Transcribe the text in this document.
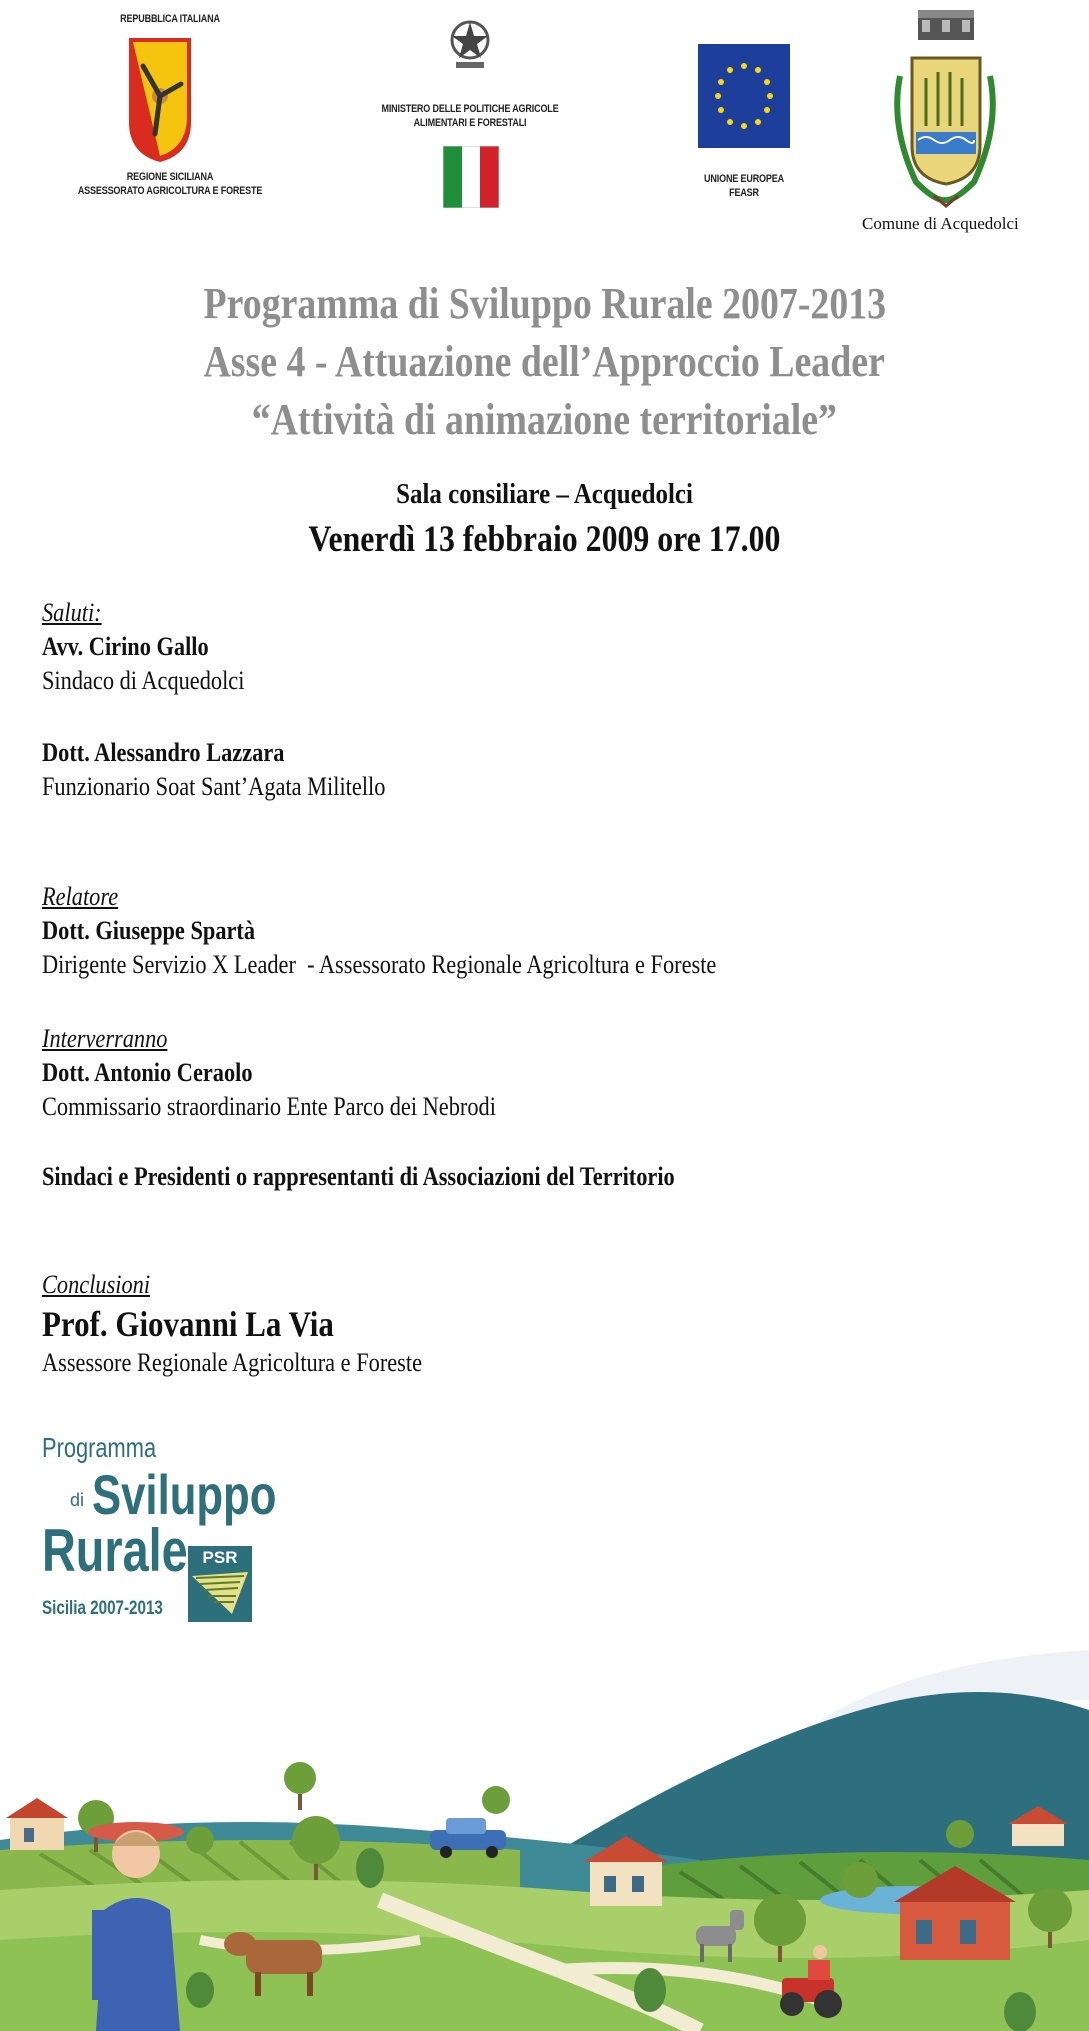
REPUBBLICA ITALIANA
REGIONE SICILIANA
ASSESSORATO AGRICOLTURA E FORESTE
MINISTERO DELLE POLITICHE AGRICOLE
ALIMENTARI E FORESTALI
UNIONE EUROPEA
FEASR
Comune di Acquedolci
Programma di Sviluppo Rurale 2007-2013
Asse 4 - Attuazione dell’Approccio Leader
“Attività di animazione territoriale”
Sala consiliare – Acquedolci
Venerdì 13 febbraio 2009 ore 17.00
Saluti:
Avv. Cirino Gallo
Sindaco di Acquedolci
Dott. Alessandro Lazzara
Funzionario Soat Sant’Agata Militello
Relatore
Dott. Giuseppe Spartà
Dirigente Servizio X Leader  - Assessorato Regionale Agricoltura e Foreste
Interverranno
Dott. Antonio Ceraolo
Commissario straordinario Ente Parco dei Nebrodi
Sindaci e Presidenti o rappresentanti di Associazioni del Territorio
Conclusioni
Prof. Giovanni La Via
Assessore Regionale Agricoltura e Foreste
Programma
di Sviluppo
Rurale PSR
Sicilia 2007-2013
